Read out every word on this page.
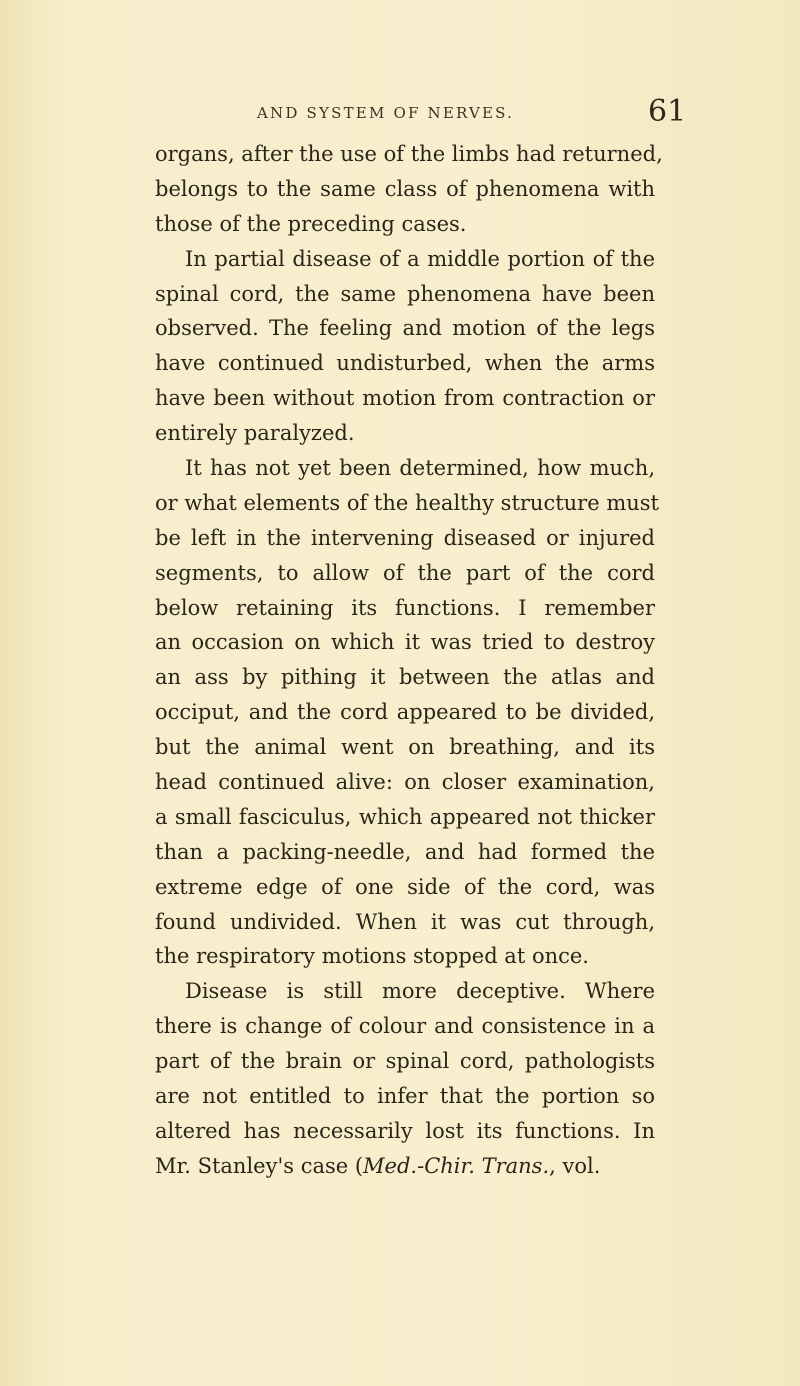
AND SYSTEM OF NERVES.	61
organs, after the use of the limbs had returned,
belongs to the same class of phenomena with
those of the preceding cases.
In partial disease of a middle portion of the
spinal cord, the same phenomena have been
observed. The feeling and motion of the legs
have continued undisturbed, when the arms
have been without motion from contraction or
entirely paralyzed.
It has not yet been determined, how much,
or what elements of the healthy structure must
be left in the intervening diseased or injured
segments, to allow of the part of the cord
below retaining its functions. I remember
an occasion on which it was tried to destroy
an ass by pithing it between the atlas and
occiput, and the cord appeared to be divided,
but the animal went on breathing, and its
head continued alive: on closer examination,
a small fasciculus, which appeared not thicker
than a packing-needle, and had formed the
extreme edge of one side of the cord, was
found undivided. When it was cut through,
the respiratory motions stopped at once.
Disease is still more deceptive. Where
there is change of colour and consistence in a
part of the brain or spinal cord, pathologists
are not entitled to infer that the portion so
altered has necessarily lost its functions. In
Mr. Stanley's case (Med.-Chir. Trans., vol.
